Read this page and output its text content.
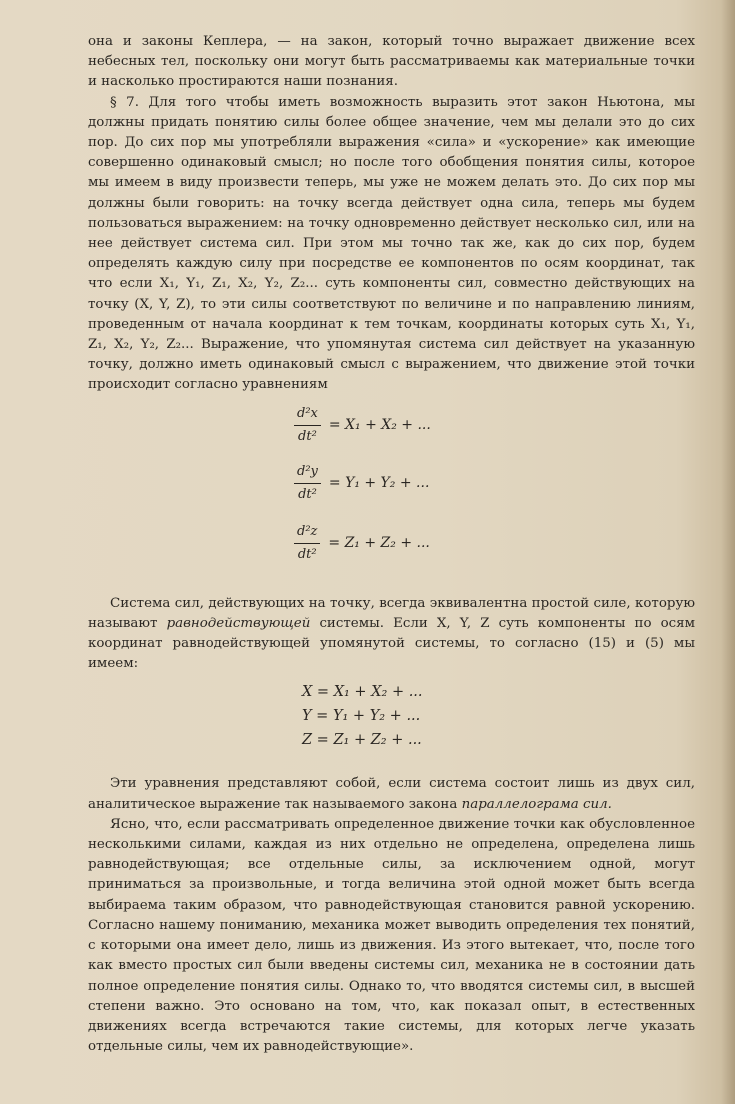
она и законы Кеплера, — на закон, который точно выражает движение всех небесных тел, поскольку они могут быть рассматриваемы как материальные точки и насколько простираются наши познания.

§ 7. Для того чтобы иметь возможность выразить этот закон Ньютона, мы должны придать понятию силы более общее значение, чем мы делали это до сих пор. До сих пор мы употребляли выражения «сила» и «ускорение» как имеющие совершенно одинаковый смысл; но после того обобщения понятия силы, которое мы имеем в виду произвести теперь, мы уже не можем делать это. До сих пор мы должны были говорить: на точку всегда действует одна сила, теперь мы будем пользоваться выражением: на точку одновременно действует несколько сил, или на нее действует система сил. При этом мы точно так же, как до сих пор, будем определять каждую силу при посредстве ее компонентов по осям координат, так что если X₁, Y₁, Z₁, X₂, Y₂, Z₂... суть компоненты сил, совместно действующих на точку (X, Y, Z), то эти силы соответствуют по величине и по направлению линиям, проведенным от начала координат к тем точкам, координаты которых суть X₁, Y₁, Z₁, X₂, Y₂, Z₂... Выражение, что упомянутая система сил действует на указанную точку, должно иметь одинаковый смысл с выражением, что движение этой точки происходит согласно уравнениям

$\frac{\text{d²x}}{\text{dt²}} = X_1 + X_2$ + ...
$\frac{\text{d²y}}{\text{dt²}} = Y_1 + Y_2$ + ...
$\frac{\text{d²z}}{\text{dt²}} = Z_1 + Z_2$ + ...

Система сил, действующих на точку, всегда эквивалентна простой силе, которую называют равнодействующей системы. Если X, Y, Z суть компоненты по осям координат равнодействующей упомянутой системы, то согласно (15) и (5) мы имеем:

X = X₁ + X₂ + ...
Y = Y₁ + Y₂ + ...
Z = Z₁ + Z₂ + ...

Эти уравнения представляют собой, если система состоит лишь из двух сил, аналитическое выражение так называемого закона параллелограма сил.

Ясно, что, если рассматривать определенное движение точки как обусловленное несколькими силами, каждая из них отдельно не определена, определена лишь равнодействующая; все отдельные силы, за исключением одной, могут приниматься за произвольные, и тогда величина этой одной может быть всегда выбираема таким образом, что равнодействующая становится равной ускорению. Согласно нашему пониманию, механика может выводить определения тех понятий, с которыми она имеет дело, лишь из движения. Из этого вытекает, что, после того как вместо простых сил были введены системы сил, механика не в состоянии дать полное определение понятия силы. Однако то, что вводятся системы сил, в высшей степени важно. Это основано на том, что, как показал опыт, в естественных движениях всегда встречаются такие системы, для которых легче указать отдельные силы, чем их равнодействующие».
